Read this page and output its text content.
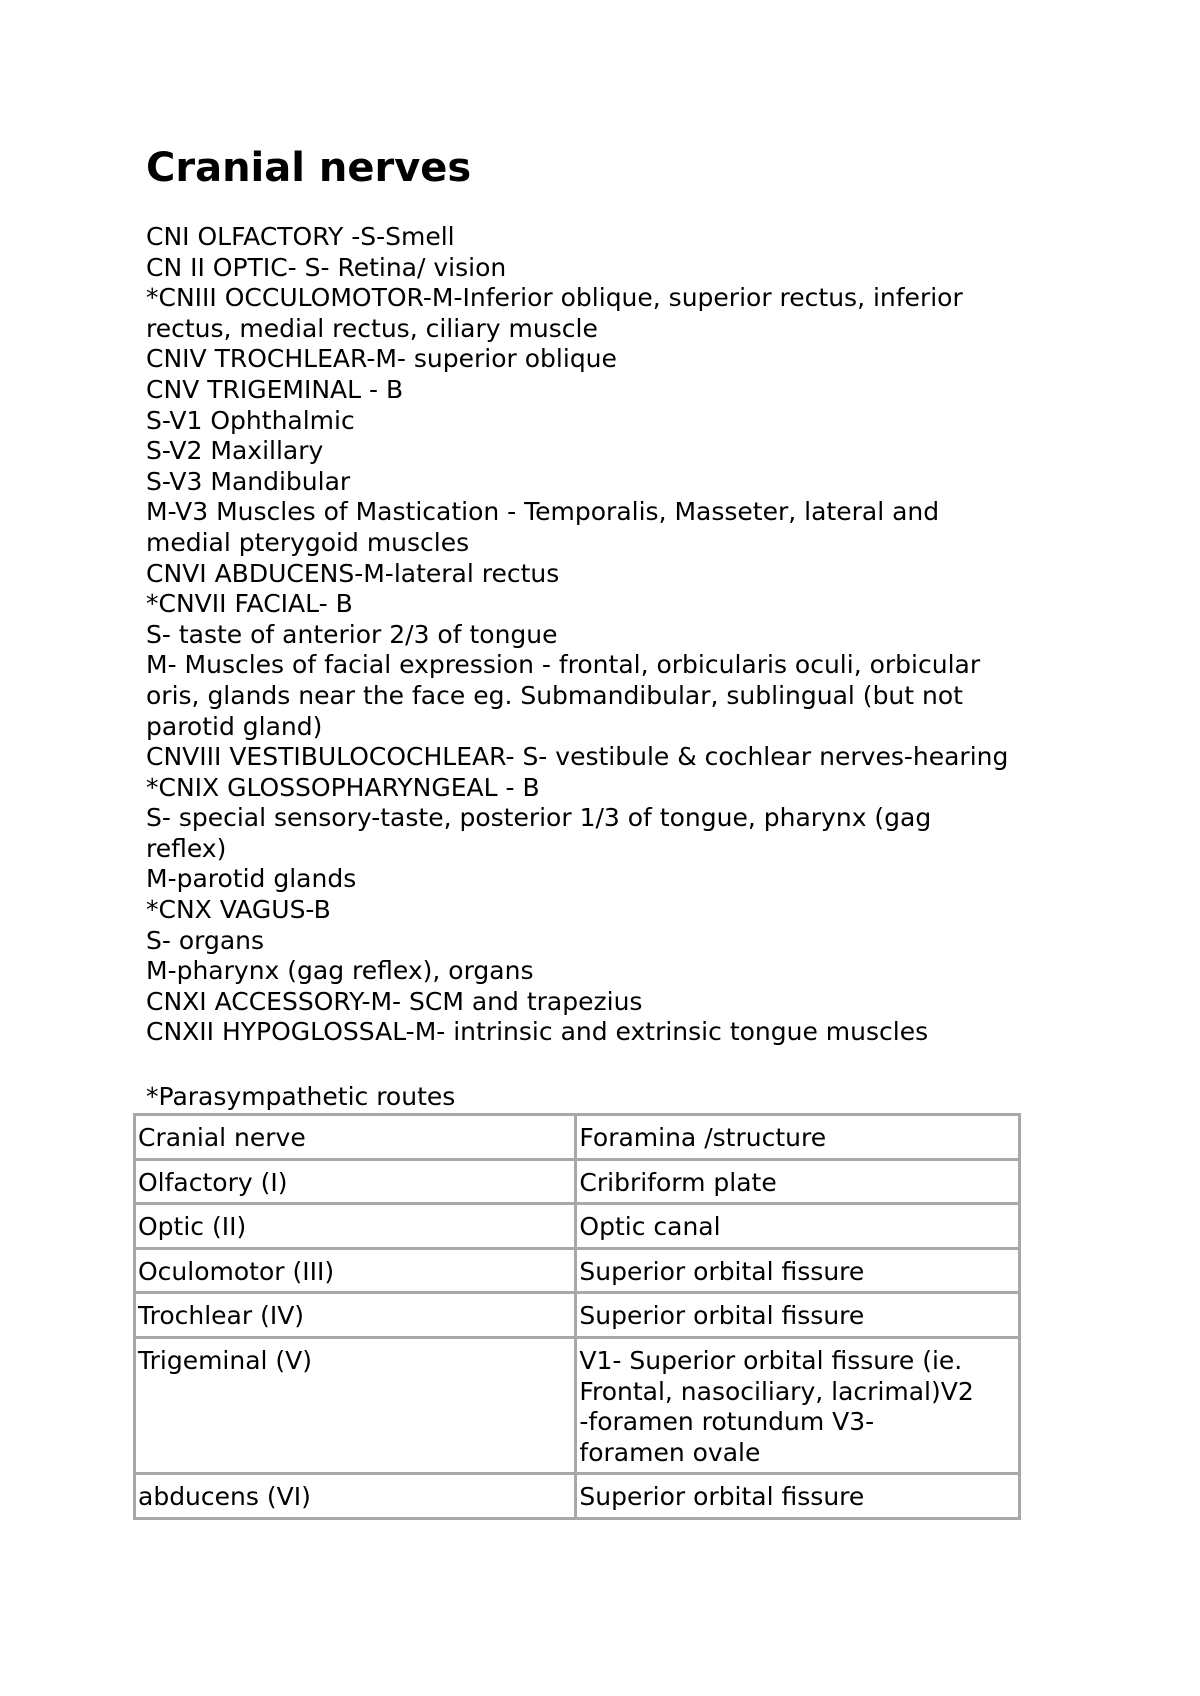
Cranial nerves
CNI OLFACTORY -S-Smell
CN II OPTIC- S- Retina/ vision
*CNIII OCCULOMOTOR-M-Inferior oblique, superior rectus, inferior
rectus, medial rectus, ciliary muscle
CNIV TROCHLEAR-M- superior oblique
CNV TRIGEMINAL - B
S-V1 Ophthalmic
S-V2 Maxillary
S-V3 Mandibular
M-V3 Muscles of Mastication - Temporalis, Masseter, lateral and
medial pterygoid muscles
CNVI ABDUCENS-M-lateral rectus
*CNVII FACIAL- B
S- taste of anterior 2/3 of tongue
M- Muscles of facial expression - frontal, orbicularis oculi, orbicular
oris, glands near the face eg. Submandibular, sublingual (but not
parotid gland)
CNVIII VESTIBULOCOCHLEAR- S- vestibule & cochlear nerves-hearing
*CNIX GLOSSOPHARYNGEAL - B
S- special sensory-taste, posterior 1/3 of tongue, pharynx (gag
reflex)
M-parotid glands
*CNX VAGUS-B
S- organs
M-pharynx (gag reflex), organs
CNXI ACCESSORY-M- SCM and trapezius
CNXII HYPOGLOSSAL-M- intrinsic and extrinsic tongue muscles
*Parasympathetic routes
Cranial nerve	Foramina /structure
Olfactory (I)	Cribriform plate

Optic (II)	Optic canal

Oculomotor (III)	Superior orbital fissure

Trochlear (IV)	Superior orbital fissure

Trigeminal (V)	V1- Superior orbital fissure (ie.
Frontal, nasociliary, lacrimal)V2
-foramen rotundum V3-
foramen ovale

abducens (VI)	Superior orbital fissure
